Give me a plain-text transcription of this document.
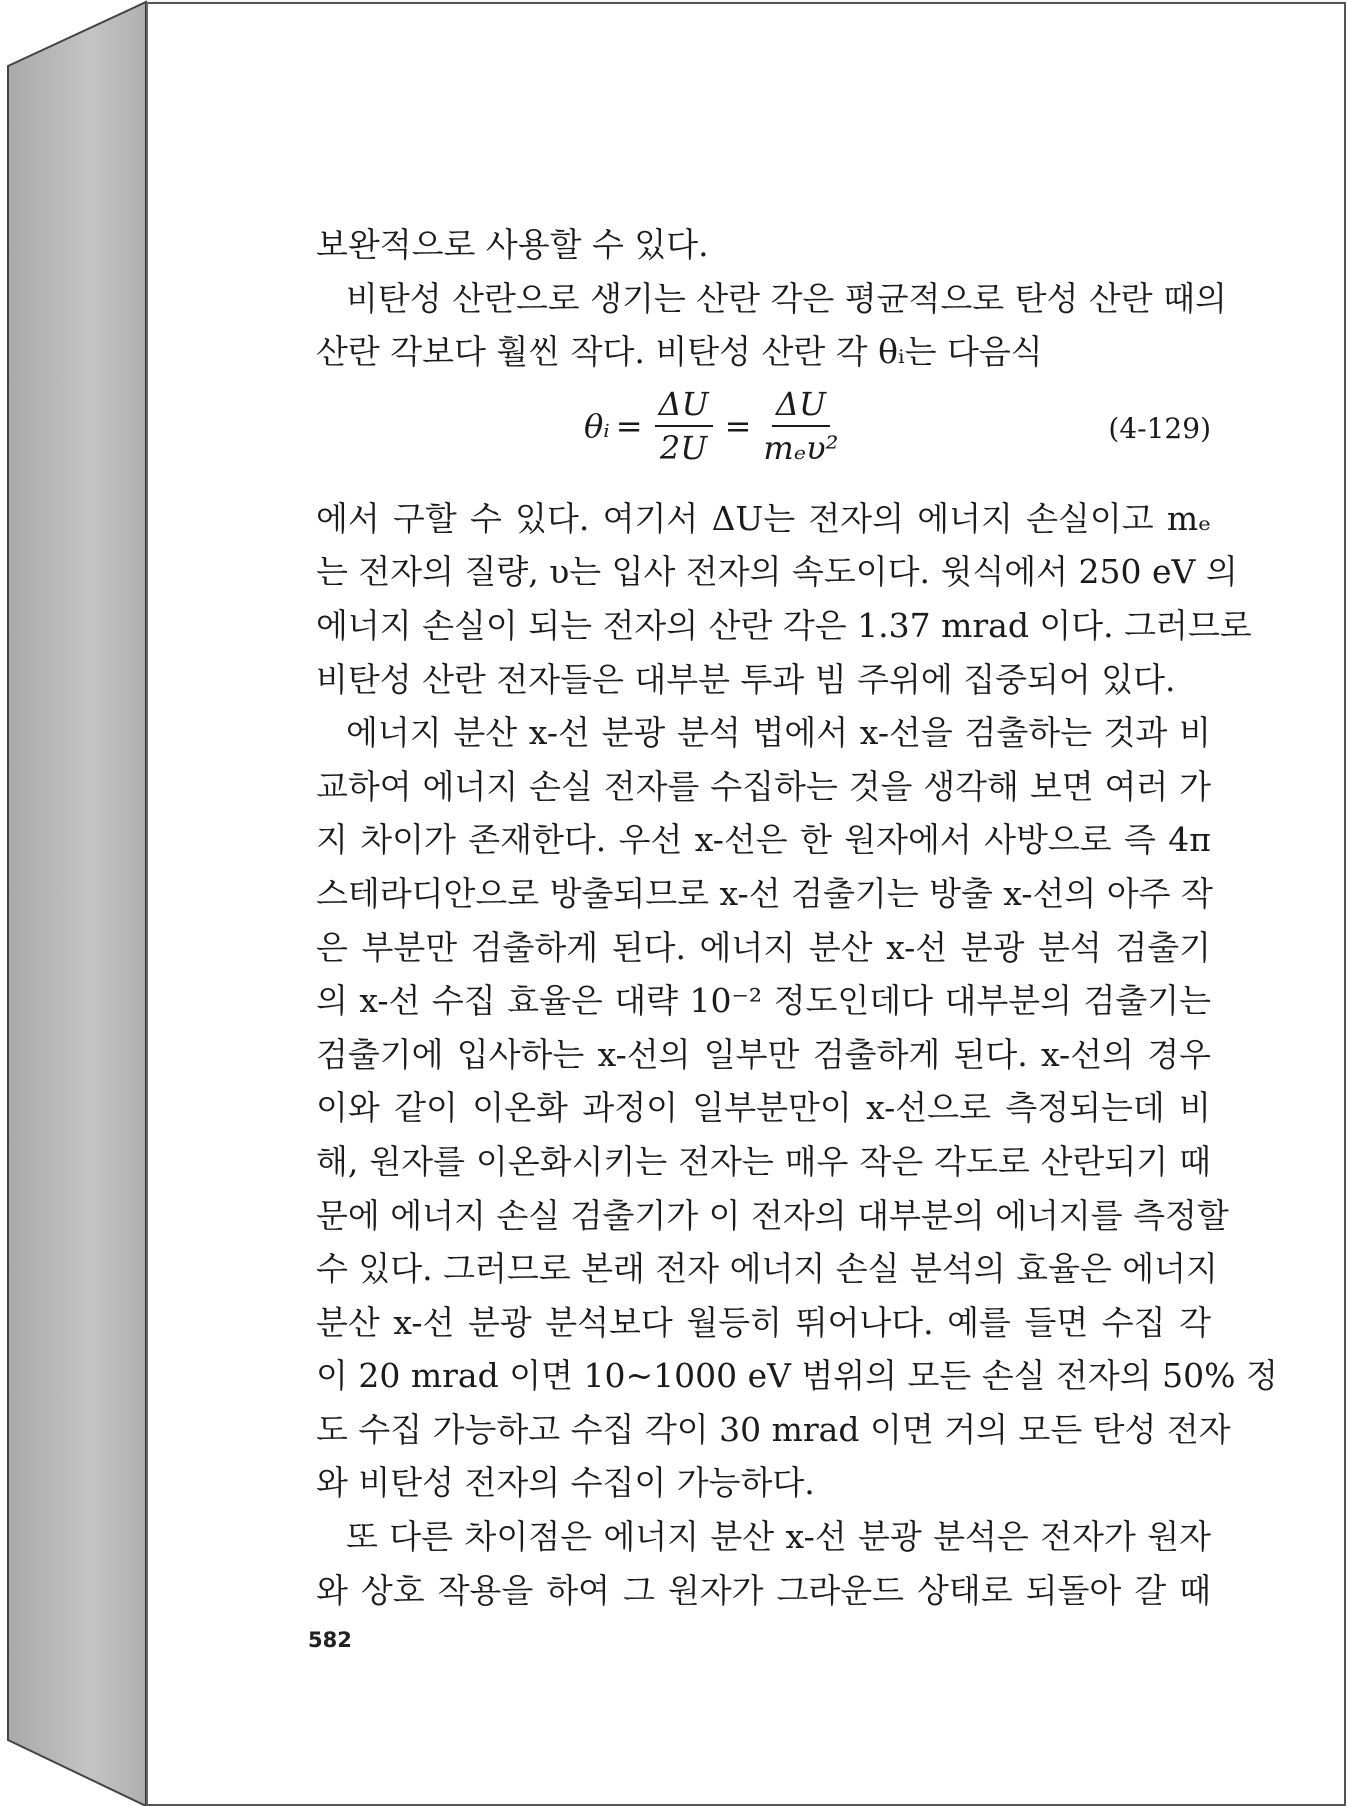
보완적으로 사용할 수 있다.
비탄성 산란으로 생기는 산란 각은 평균적으로 탄성 산란 때의
산란 각보다 훨씬 작다. 비탄성 산란 각 θᵢ는 다음식
θᵢ = $\frac{\Delta U}{2U} = \frac{\Delta U}{\text{mₑυ²}}$	(4-129)
에서 구할 수 있다. 여기서 ΔU는 전자의 에너지 손실이고 mₑ
는 전자의 질량, υ는 입사 전자의 속도이다. 윗식에서 250 eV 의
에너지 손실이 되는 전자의 산란 각은 1.37 mrad 이다. 그러므로
비탄성 산란 전자들은 대부분 투과 빔 주위에 집중되어 있다.
에너지 분산 x-선 분광 분석 법에서 x-선을 검출하는 것과 비
교하여 에너지 손실 전자를 수집하는 것을 생각해 보면 여러 가
지 차이가 존재한다. 우선 x-선은 한 원자에서 사방으로 즉 4π
스테라디안으로 방출되므로 x-선 검출기는 방출 x-선의 아주 작
은 부분만 검출하게 된다. 에너지 분산 x-선 분광 분석 검출기
의 x-선 수집 효율은 대략 10⁻² 정도인데다 대부분의 검출기는
검출기에 입사하는 x-선의 일부만 검출하게 된다. x-선의 경우
이와 같이 이온화 과정이 일부분만이 x-선으로 측정되는데 비
해, 원자를 이온화시키는 전자는 매우 작은 각도로 산란되기 때
문에 에너지 손실 검출기가 이 전자의 대부분의 에너지를 측정할
수 있다. 그러므로 본래 전자 에너지 손실 분석의 효율은 에너지
분산 x-선 분광 분석보다 월등히 뛰어나다. 예를 들면 수집 각
이 20 mrad 이면 10~1000 eV 범위의 모든 손실 전자의 50% 정
도 수집 가능하고 수집 각이 30 mrad 이면 거의 모든 탄성 전자
와 비탄성 전자의 수집이 가능하다.
또 다른 차이점은 에너지 분산 x-선 분광 분석은 전자가 원자
와 상호 작용을 하여 그 원자가 그라운드 상태로 되돌아 갈 때
582
